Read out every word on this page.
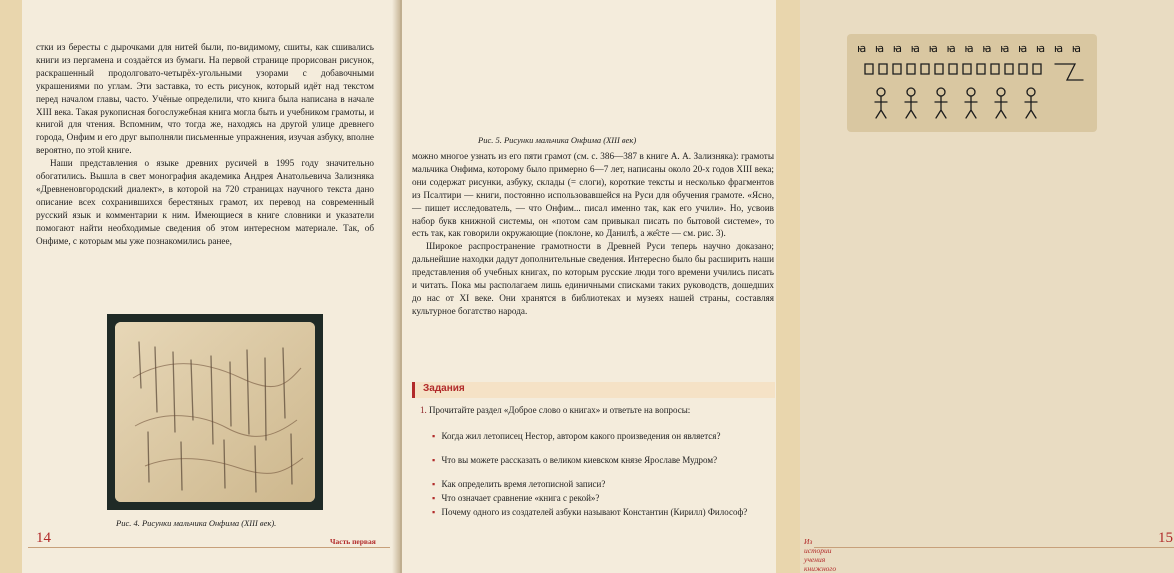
стки из бересты с дырочками для нитей были, по-видимому, сшиты, как сшивались книги из пергамена и создаётся из бумаги. На первой странице прорисован рисунок, раскрашенный продолговато-четырёх-угольными узорами с добавочными украшениями по углам. Эти заставка, то есть рисунок, который идёт над текстом перед началом главы, часто. Учёные определили, что книга была написана в начале XIII века. Такая рукописная богослужебная книга могла быть и учебником грамоты, и книгой для чтения. Вспомним, что тогда же, находясь на другой улице древнего города, Онфим и его друг выполняли письменные упражнения, изучая азбуку, вполне вероятно, по этой книге.

Наши представления о языке древних русичей в 1995 году значительно обогатились. Вышла в свет монография академика Андрея Анатольевича Зализняка «Древненовгородский диалект», в которой на 720 страницах научного текста дано описание всех сохранившихся берестяных грамот, их перевод на современный русский язык и комментарии к ним. Имеющиеся в книге словники и указатели помогают найти необходимые сведения об этом интересном материале. Так, об Онфиме, с которым мы уже познакомились ранее,

Рис. 4. Рисунки мальчика Онфима (XIII век).
14	Часть первая
ꙗ ꙗ ꙗ ꙗ ꙗ ꙗ ꙗ ꙗ ꙗ ꙗ ꙗ ꙗ ꙗ
Рис. 5. Рисунки мальчика Онфима (XIII век)

можно многое узнать из его пяти грамот (см. с. 386—387 в книге А. А. Зализняка): грамоты мальчика Онфима, которому было примерно 6—7 лет, написаны около 20-х годов XIII века; они содержат рисунки, азбуку, склады (= слоги), короткие тексты и несколько фрагментов из Псалтири — книги, постоянно использовавшейся на Руси для обучения грамоте. «Ясно, — пишет исследователь, — что Онфим... писал именно так, как его учили». Но, усвоив набор букв книжной системы, он «потом сам привыкал писать по бытовой системе», то есть так, как говорили окружающие (поклоне, ко Данилѣ, а же̑сте — см. рис. 3).

Широкое распространение грамотности в Древней Руси теперь научно доказано; дальнейшие находки дадут дополнительные сведения. Интересно было бы расширить наши представления об учебных книгах, по которым русские люди того времени учились писать и читать. Пока мы располагаем лишь единичными списками таких руководств, дошедших до нас от XI веке. Они хранятся в библиотеках и музеях нашей страны, составляя культурное богатство народа.

Задания
1. Прочитайте раздел «Доброе слово о книгах» и ответьте на вопросы:
▪ Когда жил летописец Нестор, автором какого произведения он является?
▪ Что вы можете рассказать о великом киевском князе Ярославе Мудром?
▪ Как определить время летописной записи?
▪ Что означает сравнение «книга с рекой»?
▪ Почему одного из создателей азбуки называют Константин (Кирилл) Философ?
Из истории учения книжного
15
